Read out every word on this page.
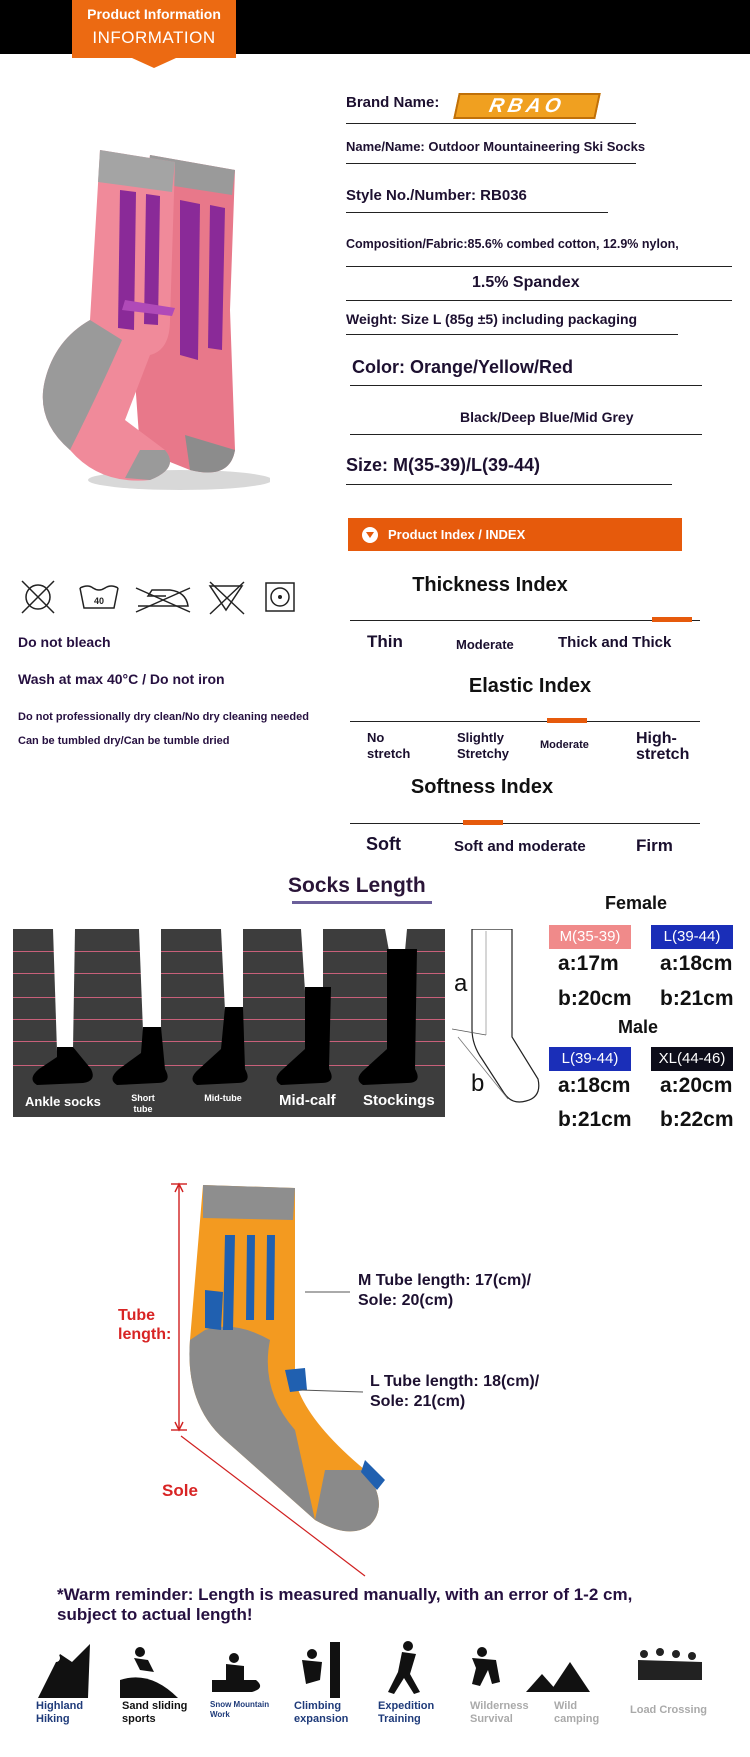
Product Information
INFORMATION
Brand Name:	RBAO
Name/Name: Outdoor Mountaineering Ski Socks
Style No./Number: RB036
Composition/Fabric:85.6% combed cotton, 12.9% nylon,
1.5% Spandex
Weight: Size L (85g ±5) including packaging
Color: Orange/Yellow/Red
Black/Deep Blue/Mid Grey
Size: M(35-39)/L(39-44)
Product Index / INDEX
Thickness Index
Thin	Moderate	Thick and Thick
Elastic Index
No stretch
Slightly Stretchy
Moderate	High-stretch
Softness Index
Soft	Soft and moderate	Firm
40
Do not bleach
Wash at max 40°C / Do not iron
Do not professionally dry clean/No dry cleaning needed
Can be tumbled dry/Can be tumble dried
Socks Length
Ankle socks	Short tube
Mid-tube Mid-calf Stockings
a
b
Female
M(35-39)	L(39-44)
a:17m a:18cm
b:20cm b:21cm
Male
L(39-44)	XL(44-46)
a:18cm a:20cm
b:21cm b:22cm
Tube length:
Sole
M Tube length: 17(cm)/
Sole: 20(cm)
L Tube length: 18(cm)/
Sole: 21(cm)
*Warm reminder: Length is measured manually, with an error of 1-2 cm, subject to actual length!
Highland Hiking
Sand sliding sports
Snow Mountain Work
Climbing expansion
Expedition Training
Wilderness Survival
Wild camping
Load Crossing
